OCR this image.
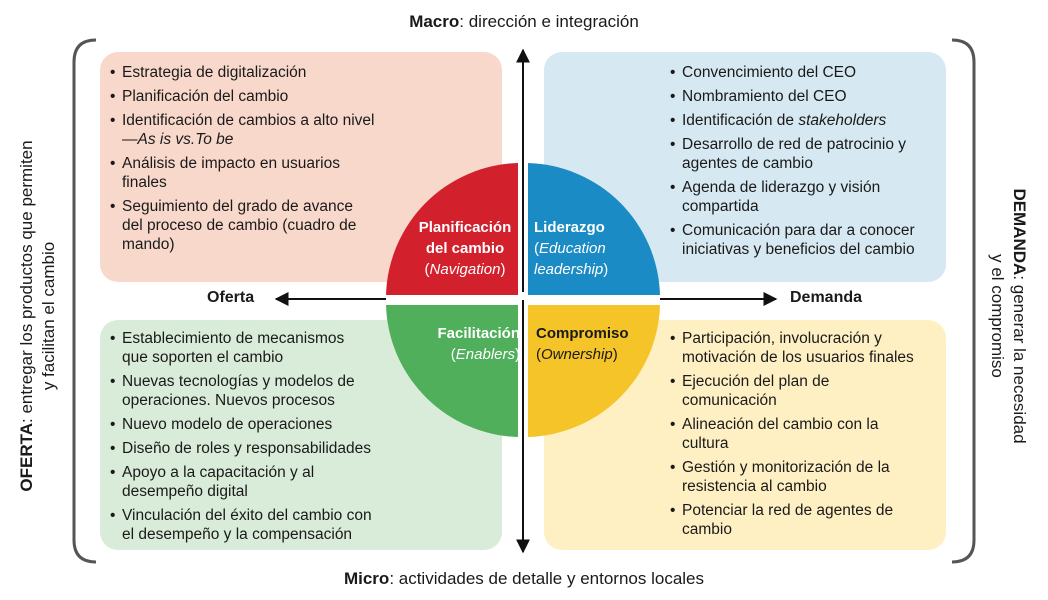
Macro: dirección e integración
Micro: actividades de detalle y entornos locales
OFERTA: entregar los productos que permiten y facilitan el cambio
DEMANDA: generar la necesidad
y el compromiso
Oferta	Demanda
Planificación
del cambio
(Navigation)
Liderazgo
(Education
leadership)
Facilitación
(Enablers)
Compromiso
(Ownership)
• Estrategia de digitalización
• Planificación del cambio
• Identificación de cambios a alto nivel
—As is vs.To be
• Análisis de impacto en usuarios
finales
• Seguimiento del grado de avance
del proceso de cambio (cuadro de
mando)
• Convencimiento del CEO
• Nombramiento del CEO
• Identificación de stakeholders
• Desarrollo de red de patrocinio y
agentes de cambio
• Agenda de liderazgo y visión
compartida
• Comunicación para dar a conocer
iniciativas y beneficios del cambio
• Establecimiento de mecanismos
que soporten el cambio
• Nuevas tecnologías y modelos de
operaciones. Nuevos procesos
• Nuevo modelo de operaciones
• Diseño de roles y responsabilidades
• Apoyo a la capacitación y al
desempeño digital
• Vinculación del éxito del cambio con
el desempeño y la compensación
• Participación, involucración y
motivación de los usuarios finales
• Ejecución del plan de
comunicación
• Alineación del cambio con la
cultura
• Gestión y monitorización de la
resistencia al cambio
• Potenciar la red de agentes de
cambio
